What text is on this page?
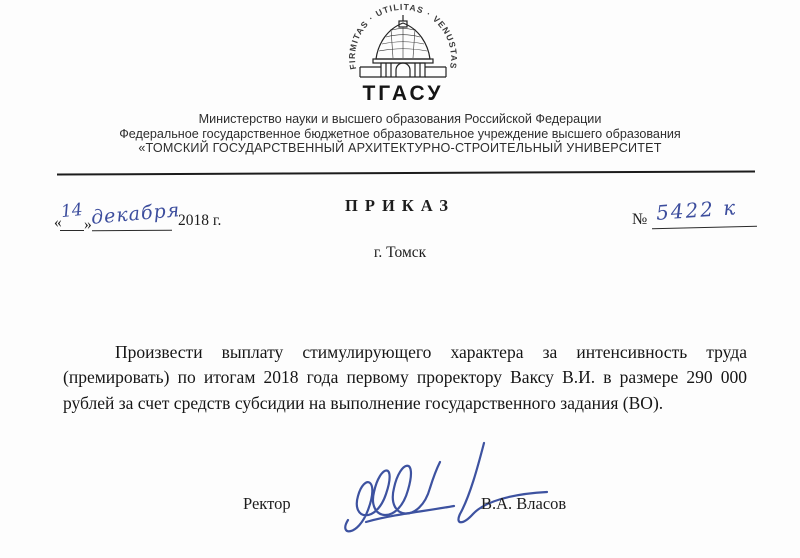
FIRMITAS · UTILITAS · VENUSTAS
ТГАСУ
Министерство науки и высшего образования Российской Федерации
Федеральное государственное бюджетное образовательное учреждение высшего образования
«ТОМСКИЙ ГОСУДАРСТВЕННЫЙ АРХИТЕКТУРНО-СТРОИТЕЛЬНЫЙ УНИВЕРСИТЕТ
ПРИКАЗ
«
14
»
декабря
2018 г.	№ 5422 к
г. Томск

Произвести выплату стимулирующего характера за интенсивность труда (премировать) по итогам 2018 года первому проректору Ваксу В.И. в размере 290 000 рублей за счет средств субсидии на выполнение государственного задания (ВО).

Ректор	В.А. Власов
